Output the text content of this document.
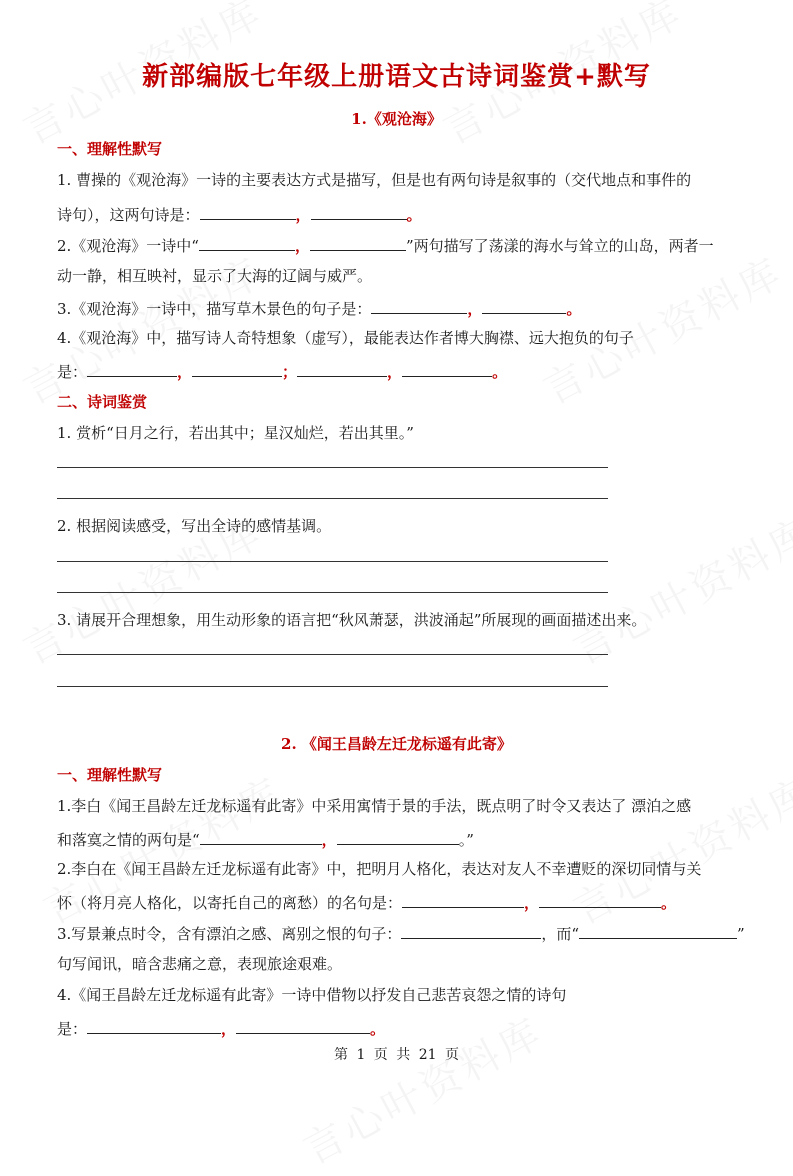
新部编版七年级上册语文古诗词鉴赏+默写
1.《观沧海》
一、理解性默写
1. 曹操的《观沧海》一诗的主要表达方式是描写，但是也有两句诗是叙事的（交代地点和事件的
诗句），这两句诗是：	，	。
2.《观沧海》一诗中“	，	”两句描写了荡漾的海水与耸立的山岛，两者一
动一静，相互映衬，显示了大海的辽阔与威严。
3.《观沧海》一诗中，描写草木景色的句子是：	，	。
4.《观沧海》中，描写诗人奇特想象（虚写），最能表达作者博大胸襟、远大抱负的句子
是：	，	；	，	。
二、诗词鉴赏
1. 赏析“日月之行，若出其中；星汉灿烂，若出其里。”
2. 根据阅读感受，写出全诗的感情基调。
3. 请展开合理想象，用生动形象的语言把“秋风萧瑟，洪波涌起”所展现的画面描述出来。
2. 《闻王昌龄左迁龙标遥有此寄》
一、理解性默写
1.李白《闻王昌龄左迁龙标遥有此寄》中采用寓情于景的手法，既点明了时令又表达了 漂泊之感
和落寞之情的两句是“	，	。”
2.李白在《闻王昌龄左迁龙标遥有此寄》中，把明月人格化，表达对友人不幸遭贬的深切同情与关
怀（将月亮人格化，以寄托自己的离愁）的名句是：	，	。
3.写景兼点时令，含有漂泊之感、离别之恨的句子：	，而“	”
句写闻讯，暗含悲痛之意，表现旅途艰难。
4.《闻王昌龄左迁龙标遥有此寄》一诗中借物以抒发自己悲苦哀怨之情的诗句
是：	，	。
第 1 页 共 21 页
